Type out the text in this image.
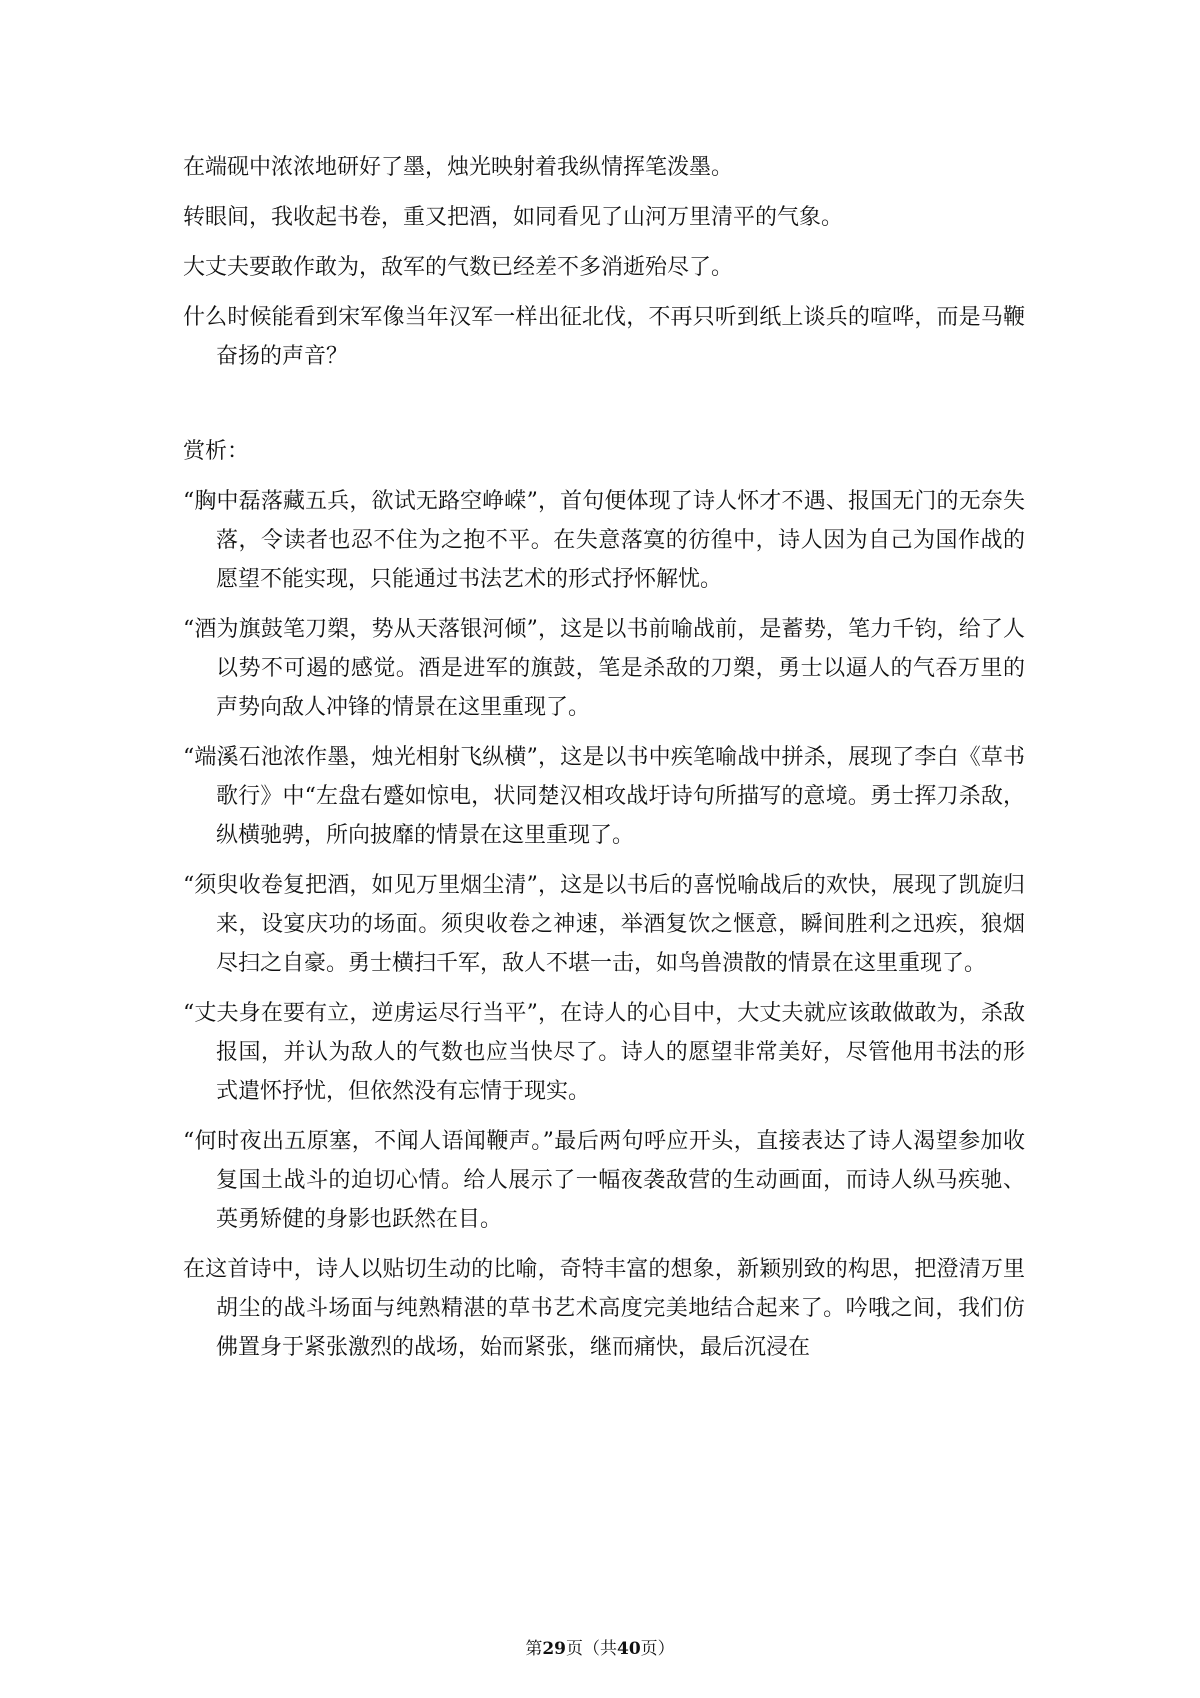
在端砚中浓浓地研好了墨，烛光映射着我纵情挥笔泼墨。

转眼间，我收起书卷，重又把酒，如同看见了山河万里清平的气象。

大丈夫要敢作敢为，敌军的气数已经差不多消逝殆尽了。

什么时候能看到宋军像当年汉军一样出征北伐，不再只听到纸上谈兵的喧哗，而是马鞭奋扬的声音？

赏析：

“胸中磊落藏五兵，欲试无路空峥嵘”，首句便体现了诗人怀才不遇、报国无门的无奈失落，令读者也忍不住为之抱不平。在失意落寞的彷徨中，诗人因为自己为国作战的愿望不能实现，只能通过书法艺术的形式抒怀解忧。

“酒为旗鼓笔刀槊，势从天落银河倾”，这是以书前喻战前，是蓄势，笔力千钧，给了人以势不可遏的感觉。酒是进军的旗鼓，笔是杀敌的刀槊，勇士以逼人的气吞万里的声势向敌人冲锋的情景在这里重现了。

“端溪石池浓作墨，烛光相射飞纵横”，这是以书中疾笔喻战中拼杀，展现了李白《草书歌行》中“左盘右蹙如惊电，状同楚汉相攻战圩诗句所描写的意境。勇士挥刀杀敌，纵横驰骋，所向披靡的情景在这里重现了。

“须臾收卷复把酒，如见万里烟尘清”，这是以书后的喜悦喻战后的欢快，展现了凯旋归来，设宴庆功的场面。须臾收卷之神速，举酒复饮之惬意，瞬间胜利之迅疾，狼烟尽扫之自豪。勇士横扫千军，敌人不堪一击，如鸟兽溃散的情景在这里重现了。

“丈夫身在要有立，逆虏运尽行当平”，在诗人的心目中，大丈夫就应该敢做敢为，杀敌报国，并认为敌人的气数也应当快尽了。诗人的愿望非常美好，尽管他用书法的形式遣怀抒忧，但依然没有忘情于现实。

“何时夜出五原塞，不闻人语闻鞭声。”最后两句呼应开头，直接表达了诗人渴望参加收复国土战斗的迫切心情。给人展示了一幅夜袭敌营的生动画面，而诗人纵马疾驰、英勇矫健的身影也跃然在目。

在这首诗中，诗人以贴切生动的比喻，奇特丰富的想象，新颖别致的构思，把澄清万里胡尘的战斗场面与纯熟精湛的草书艺术高度完美地结合起来了。吟哦之间，我们仿佛置身于紧张激烈的战场，始而紧张，继而痛快，最后沉浸在

第29页（共40页）
